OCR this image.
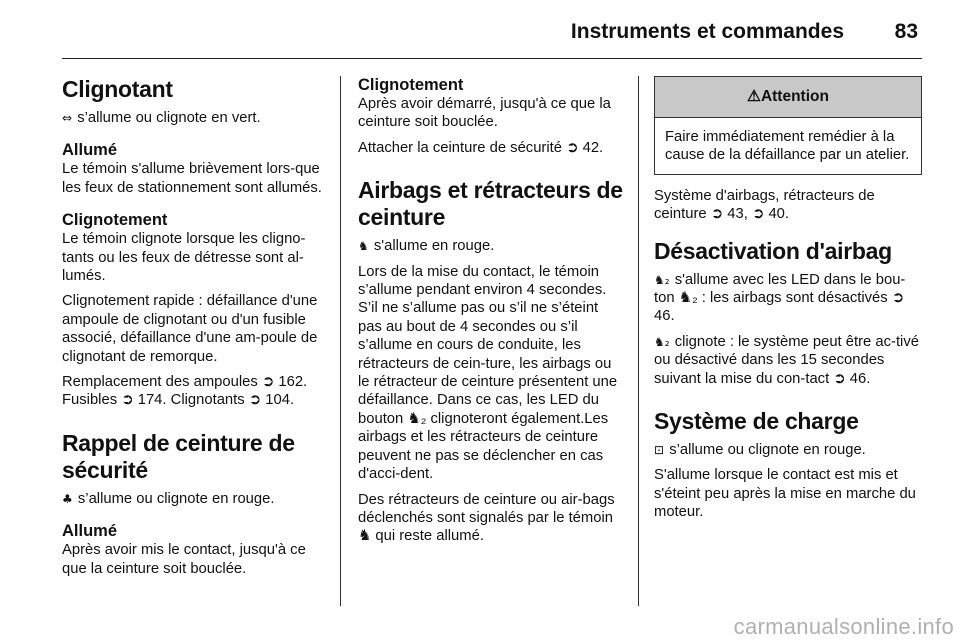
Instruments et commandes 83
Clignotant

⇔ s’allume ou clignote en vert.

Allumé

Le témoin s'allume brièvement lors-que les feux de stationnement sont allumés.

Clignotement

Le témoin clignote lorsque les cligno-tants ou les feux de détresse sont al-lumés.

Clignotement rapide : défaillance d'une ampoule de clignotant ou d'un fusible associé, défaillance d'une am-poule de clignotant de remorque.

Remplacement des ampoules ➲ 162. Fusibles ➲ 174. Clignotants ➲ 104.

Rappel de ceinture de sécurité

♣ s’allume ou clignote en rouge.

Allumé

Après avoir mis le contact, jusqu'à ce que la ceinture soit bouclée.

Clignotement

Après avoir démarré, jusqu'à ce que la ceinture soit bouclée.

Attacher la ceinture de sécurité ➲ 42.

Airbags et rétracteurs de ceinture

♞ s'allume en rouge.

Lors de la mise du contact, le témoin s’allume pendant environ 4 secondes. S’il ne s’allume pas ou s’il ne s’éteint pas au bout de 4 secondes ou s’il s’allume en cours de conduite, les rétracteurs de cein-ture, les airbags ou le rétracteur de ceinture présentent une défaillance. Dans ce cas, les LED du bouton ♞₂ clignoteront également.Les airbags et les rétracteurs de ceinture peuvent ne pas se déclencher en cas d'acci-dent.

Des rétracteurs de ceinture ou air-bags déclenchés sont signalés par le témoin ♞ qui reste allumé.

⚠Attention

Faire immédiatement remédier à la cause de la défaillance par un atelier.

Système d'airbags, rétracteurs de ceinture ➲ 43, ➲ 40.

Désactivation d'airbag

♞₂ s'allume avec les LED dans le bou-ton ♞₂ : les airbags sont désactivés ➲ 46.

♞₂ clignote : le système peut être ac-tivé ou désactivé dans les 15 secondes suivant la mise du con-tact ➲ 46.

Système de charge

⊡ s’allume ou clignote en rouge.

S'allume lorsque le contact est mis et s'éteint peu après la mise en marche du moteur.

carmanualsonline.info
